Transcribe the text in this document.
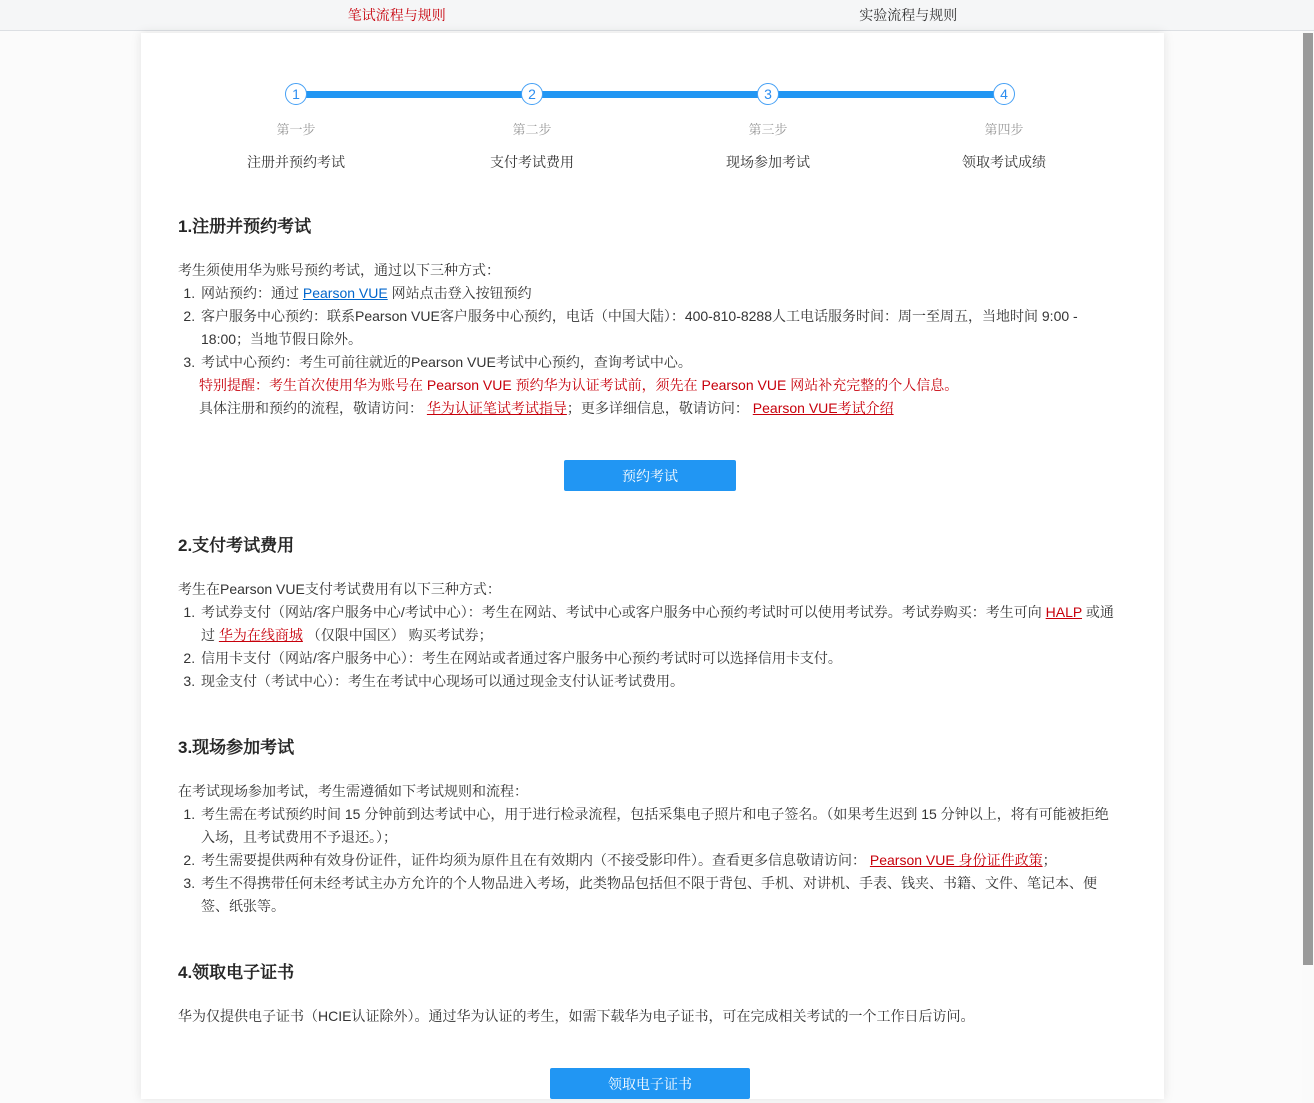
笔试流程与规则	实验流程与规则
1
第一步
注册并预约考试
2
第二步
支付考试费用
3
第三步
现场参加考试
4
第四步
领取考试成绩
1.注册并预约考试

考生须使用华为账号预约考试，通过以下三种方式：

1. 网站预约：通过 Pearson VUE 网站点击登入按钮预约
2. 客户服务中心预约：联系Pearson VUE客户服务中心预约，电话（中国大陆）：400-810-8288人工电话服务时间：周一至周五，当地时间 9:00 - 18:00；当地节假日除外。
3. 考试中心预约：考生可前往就近的Pearson VUE考试中心预约，查询考试中心。
特别提醒：考生首次使用华为账号在 Pearson VUE 预约华为认证考试前，须先在 Pearson VUE 网站补充完整的个人信息。
具体注册和预约的流程，敬请访问： 华为认证笔试考试指导；更多详细信息，敬请访问： Pearson VUE考试介绍
预约考试
2.支付考试费用

考生在Pearson VUE支付考试费用有以下三种方式：

1. 考试券支付（网站/客户服务中心/考试中心）：考生在网站、考试中心或客户服务中心预约考试时可以使用考试券。考试券购买：考生可向 HALP 或通过 华为在线商城 （仅限中国区） 购买考试券；
2. 信用卡支付（网站/客户服务中心）：考生在网站或者通过客户服务中心预约考试时可以选择信用卡支付。
3. 现金支付（考试中心）：考生在考试中心现场可以通过现金支付认证考试费用。
3.现场参加考试

在考试现场参加考试，考生需遵循如下考试规则和流程：

1. 考生需在考试预约时间 15 分钟前到达考试中心，用于进行检录流程，包括采集电子照片和电子签名。（如果考生迟到 15 分钟以上，将有可能被拒绝入场，且考试费用不予退还。）；
2. 考生需要提供两种有效身份证件，证件均须为原件且在有效期内（不接受影印件）。查看更多信息敬请访问： Pearson VUE 身份证件政策；
3. 考生不得携带任何未经考试主办方允许的个人物品进入考场，此类物品包括但不限于背包、手机、对讲机、手表、钱夹、书籍、文件、笔记本、便签、纸张等。
4.领取电子证书

华为仅提供电子证书（HCIE认证除外）。通过华为认证的考生，如需下载华为电子证书，可在完成相关考试的一个工作日后访问。

领取电子证书
